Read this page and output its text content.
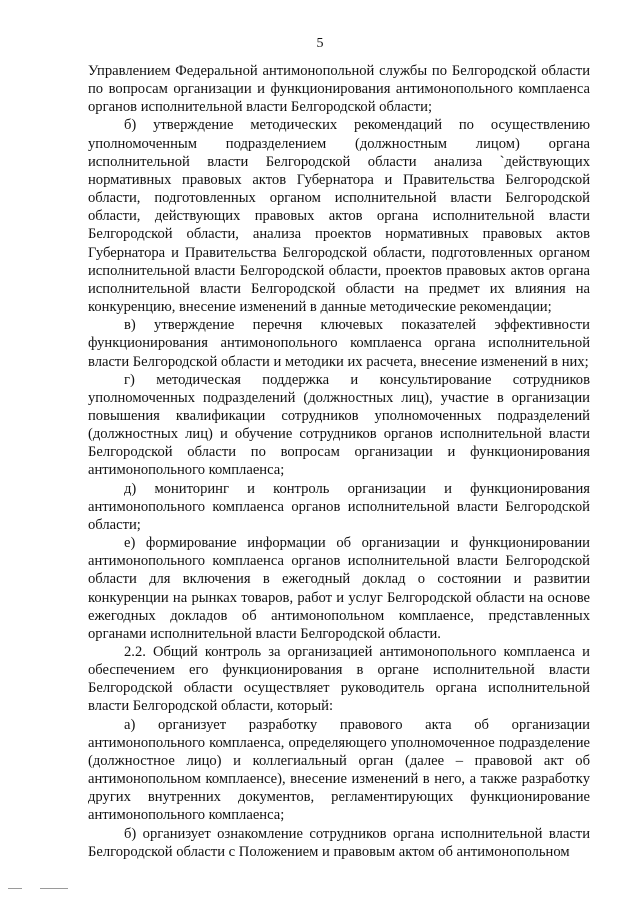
5

Управлением Федеральной антимонопольной службы по Белгородской области по вопросам организации и функционирования антимонопольного комплаенса органов исполнительной власти Белгородской области;

б) утверждение методических рекомендаций по осуществлению уполномоченным подразделением (должностным лицом) органа исполнительной власти Белгородской области анализа `действующих нормативных правовых актов Губернатора и Правительства Белгородской области, подготовленных органом исполнительной власти Белгородской области, действующих правовых актов органа исполнительной власти Белгородской области, анализа проектов нормативных правовых актов Губернатора и Правительства Белгородской области, подготовленных органом исполнительной власти Белгородской области, проектов правовых актов органа исполнительной власти Белгородской области на предмет их влияния на конкуренцию, внесение изменений в данные методические рекомендации;

в) утверждение перечня ключевых показателей эффективности функционирования антимонопольного комплаенса органа исполнительной власти Белгородской области и методики их расчета, внесение изменений в них;

г) методическая поддержка и консультирование сотрудников уполномоченных подразделений (должностных лиц), участие в организации повышения квалификации сотрудников уполномоченных подразделений (должностных лиц) и обучение сотрудников органов исполнительной власти Белгородской области по вопросам организации и функционирования антимонопольного комплаенса;

д) мониторинг и контроль организации и функционирования антимонопольного комплаенса органов исполнительной власти Белгородской области;

е) формирование информации об организации и функционировании антимонопольного комплаенса органов исполнительной власти Белгородской области для включения в ежегодный доклад о состоянии и развитии конкуренции на рынках товаров, работ и услуг Белгородской области на основе ежегодных докладов об антимонопольном комплаенсе, представленных органами исполнительной власти Белгородской области.

2.2. Общий контроль за организацией антимонопольного комплаенса и обеспечением его функционирования в органе исполнительной власти Белгородской области осуществляет руководитель органа исполнительной власти Белгородской области, который:

а) организует разработку правового акта об организации антимонопольного комплаенса, определяющего уполномоченное подразделение (должностное лицо) и коллегиальный орган (далее – правовой акт об антимонопольном комплаенсе), внесение изменений в него, а также разработку других внутренних документов, регламентирующих функционирование антимонопольного комплаенса;

б) организует ознакомление сотрудников органа исполнительной власти Белгородской области с Положением и правовым актом об антимонопольном
